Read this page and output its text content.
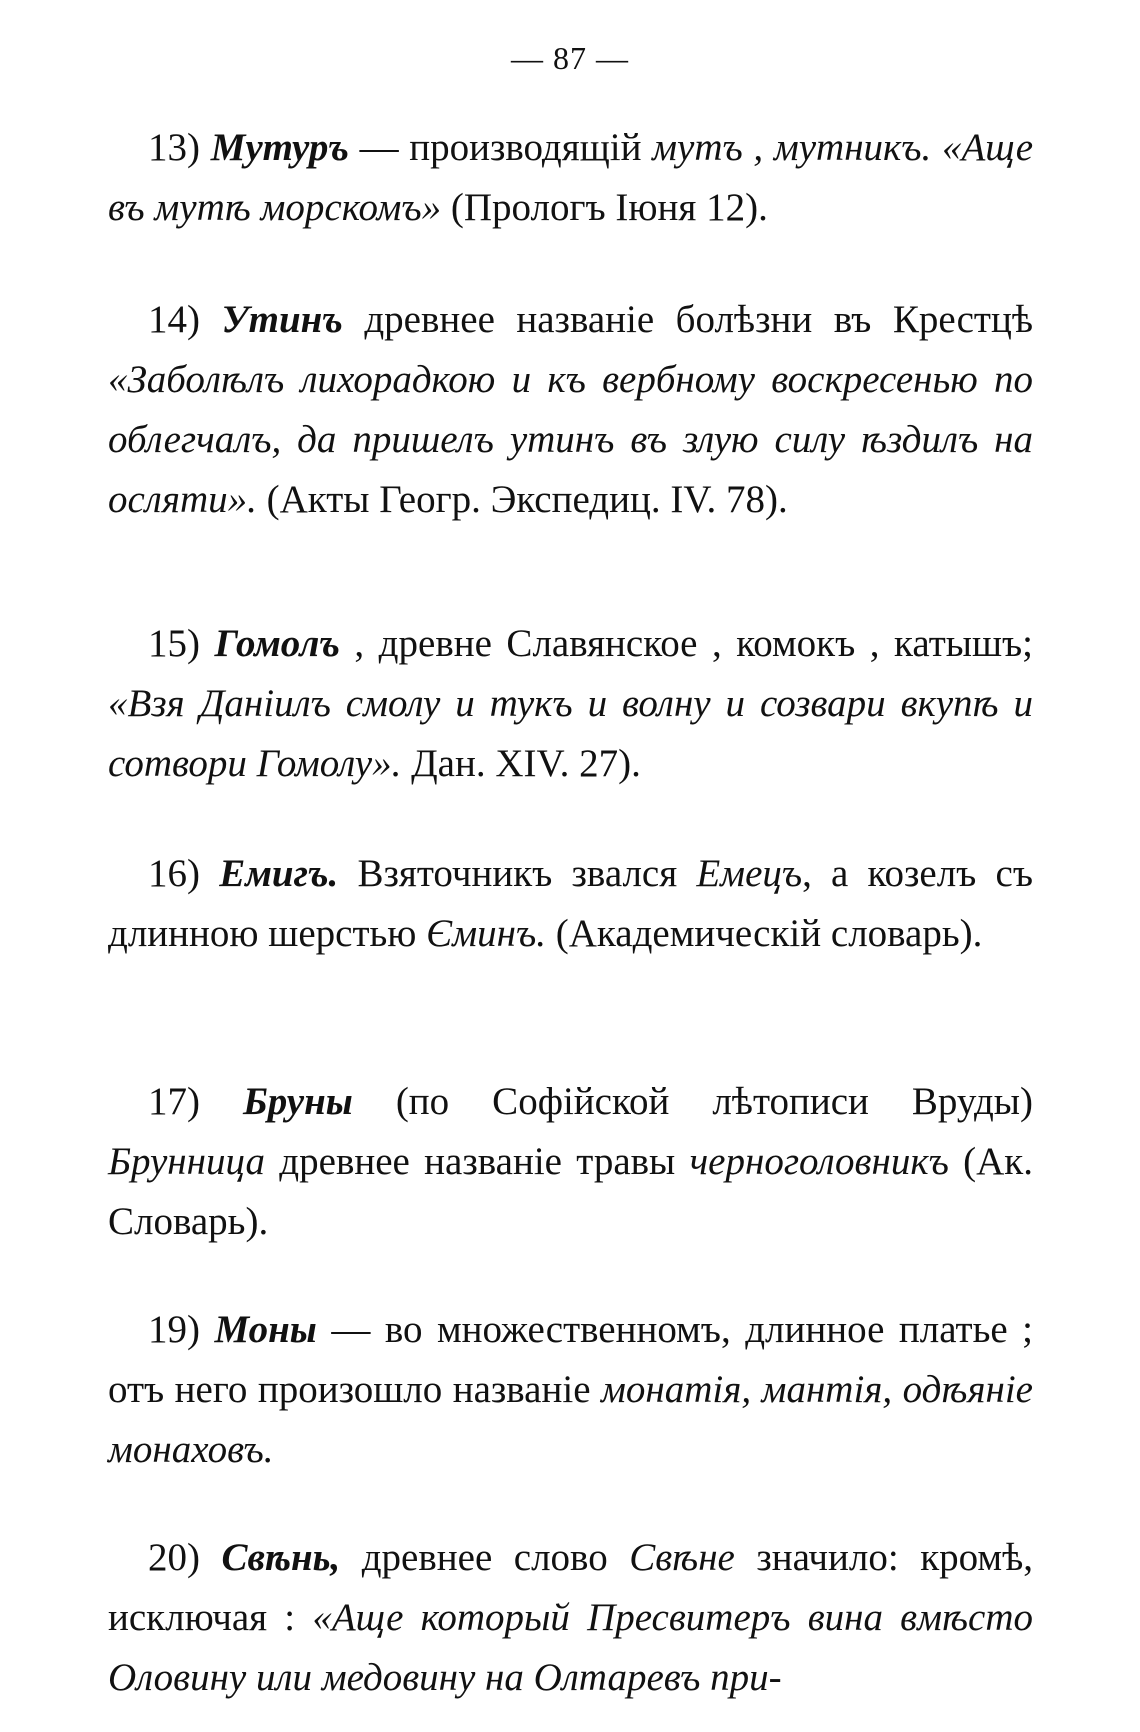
— 87 —
13) Мутуръ — производящій мутъ , мутникъ. «Аще въ мутѣ морскомъ» (Прологъ Іюня 12).
14) Утинъ древнее названіе болѣзни въ Крестцѣ «Заболѣлъ лихорадкою и къ вербному воскресенью по облегчалъ, да пришелъ утинъ въ злую силу ѣздилъ на осляти». (Акты Геогр. Экспедиц. IV. 78).
15) Гомолъ , древне Славянское , комокъ , катышъ; «Взя Даніилъ смолу и тукъ и волну и созвари вкупѣ и сотвори Гомолу». Дан. XIV. 27).
16) Емигъ. Взяточникъ звался Емецъ, а козелъ съ длинною шерстью Єминъ. (Академическій словарь).
17) Бруны (по Софійской лѣтописи Вруды) Брунница древнее названіе травы черноголовникъ (Ак. Словарь).
19) Моны — во множественномъ, длинное платье ; отъ него произошло названіе монатія, мантія, одѣяніе монаховъ.
20) Свѣнь, древнее слово Свѣне значило: кромѣ, исключая : «Аще который Пресвитеръ вина вмѣсто Оловину или медовину на Олтаревъ при-
